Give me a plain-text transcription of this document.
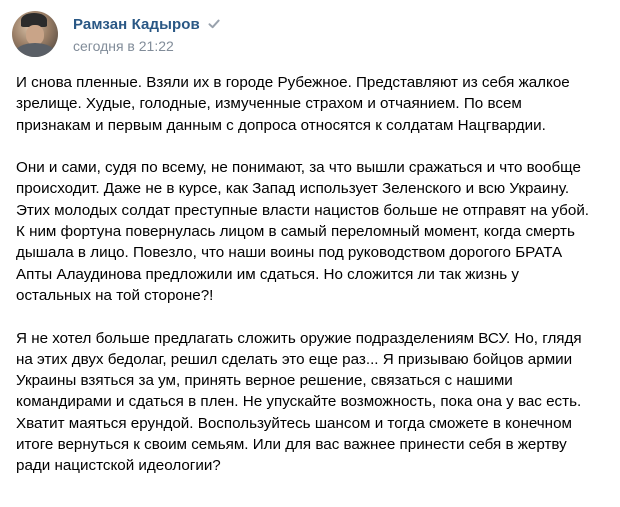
Рамзан Кадыров
сегодня в 21:22
И снова пленные. Взяли их в городе Рубежное. Представляют из себя жалкое
зрелище. Худые, голодные, измученные страхом и отчаянием. По всем
признакам и первым данным с допроса относятся к солдатам Нацгвардии.
Они и сами, судя по всему, не понимают, за что вышли сражаться и что вообще
происходит. Даже не в курсе, как Запад использует Зеленского и всю Украину.
Этих молодых солдат преступные власти нацистов больше не отправят на убой.
К ним фортуна повернулась лицом в самый переломный момент, когда смерть
дышала в лицо. Повезло, что наши воины под руководством дорогого БРАТА
Апты Алаудинова предложили им сдаться. Но сложится ли так жизнь у
остальных на той стороне?!
Я не хотел больше предлагать сложить оружие подразделениям ВСУ. Но, глядя
на этих двух бедолаг, решил сделать это еще раз... Я призываю бойцов армии
Украины взяться за ум, принять верное решение, связаться с нашими
командирами и сдаться в плен. Не упускайте возможность, пока она у вас есть.
Хватит маяться ерундой. Воспользуйтесь шансом и тогда сможете в конечном
итоге вернуться к своим семьям. Или для вас важнее принести себя в жертву
ради нацистской идеологии?
